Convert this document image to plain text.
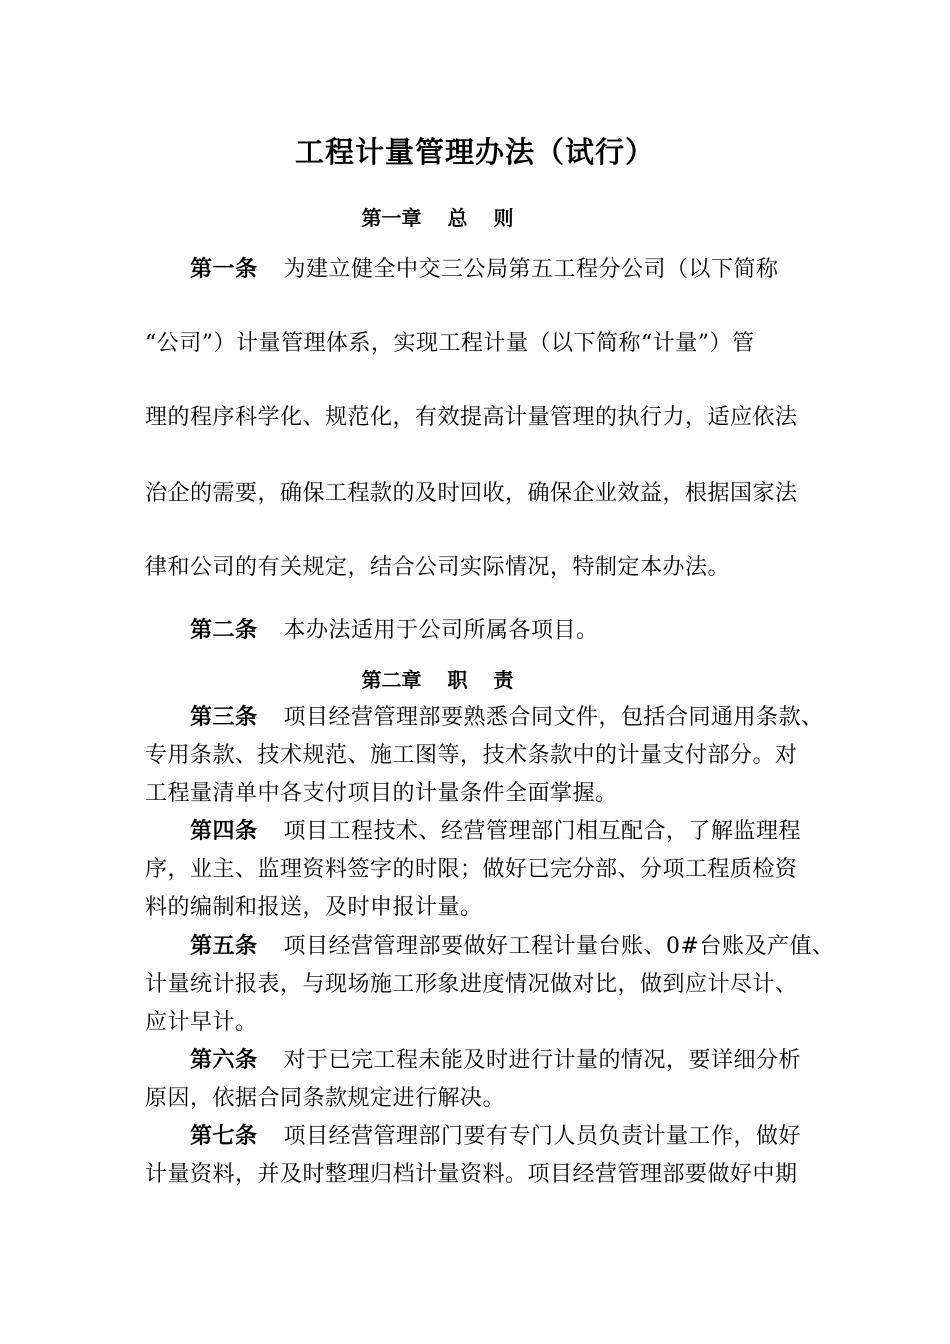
工程计量管理办法（试行）
第一章 总 则
第一条 为建立健全中交三公局第五工程分公司（以下简称
“公司”）计量管理体系，实现工程计量（以下简称“计量”）管
理的程序科学化、规范化，有效提高计量管理的执行力，适应依法
治企的需要，确保工程款的及时回收，确保企业效益，根据国家法
律和公司的有关规定，结合公司实际情况，特制定本办法。
第二条 本办法适用于公司所属各项目。
第二章 职 责
第三条 项目经营管理部要熟悉合同文件，包括合同通用条款、
专用条款、技术规范、施工图等，技术条款中的计量支付部分。对
工程量清单中各支付项目的计量条件全面掌握。
第四条 项目工程技术、经营管理部门相互配合，了解监理程
序，业主、监理资料签字的时限；做好已完分部、分项工程质检资
料的编制和报送，及时申报计量。
第五条 项目经营管理部要做好工程计量台账、0#台账及产值、
计量统计报表，与现场施工形象进度情况做对比，做到应计尽计、
应计早计。
第六条 对于已完工程未能及时进行计量的情况，要详细分析
原因，依据合同条款规定进行解决。
第七条 项目经营管理部门要有专门人员负责计量工作，做好
计量资料，并及时整理归档计量资料。项目经营管理部要做好中期
